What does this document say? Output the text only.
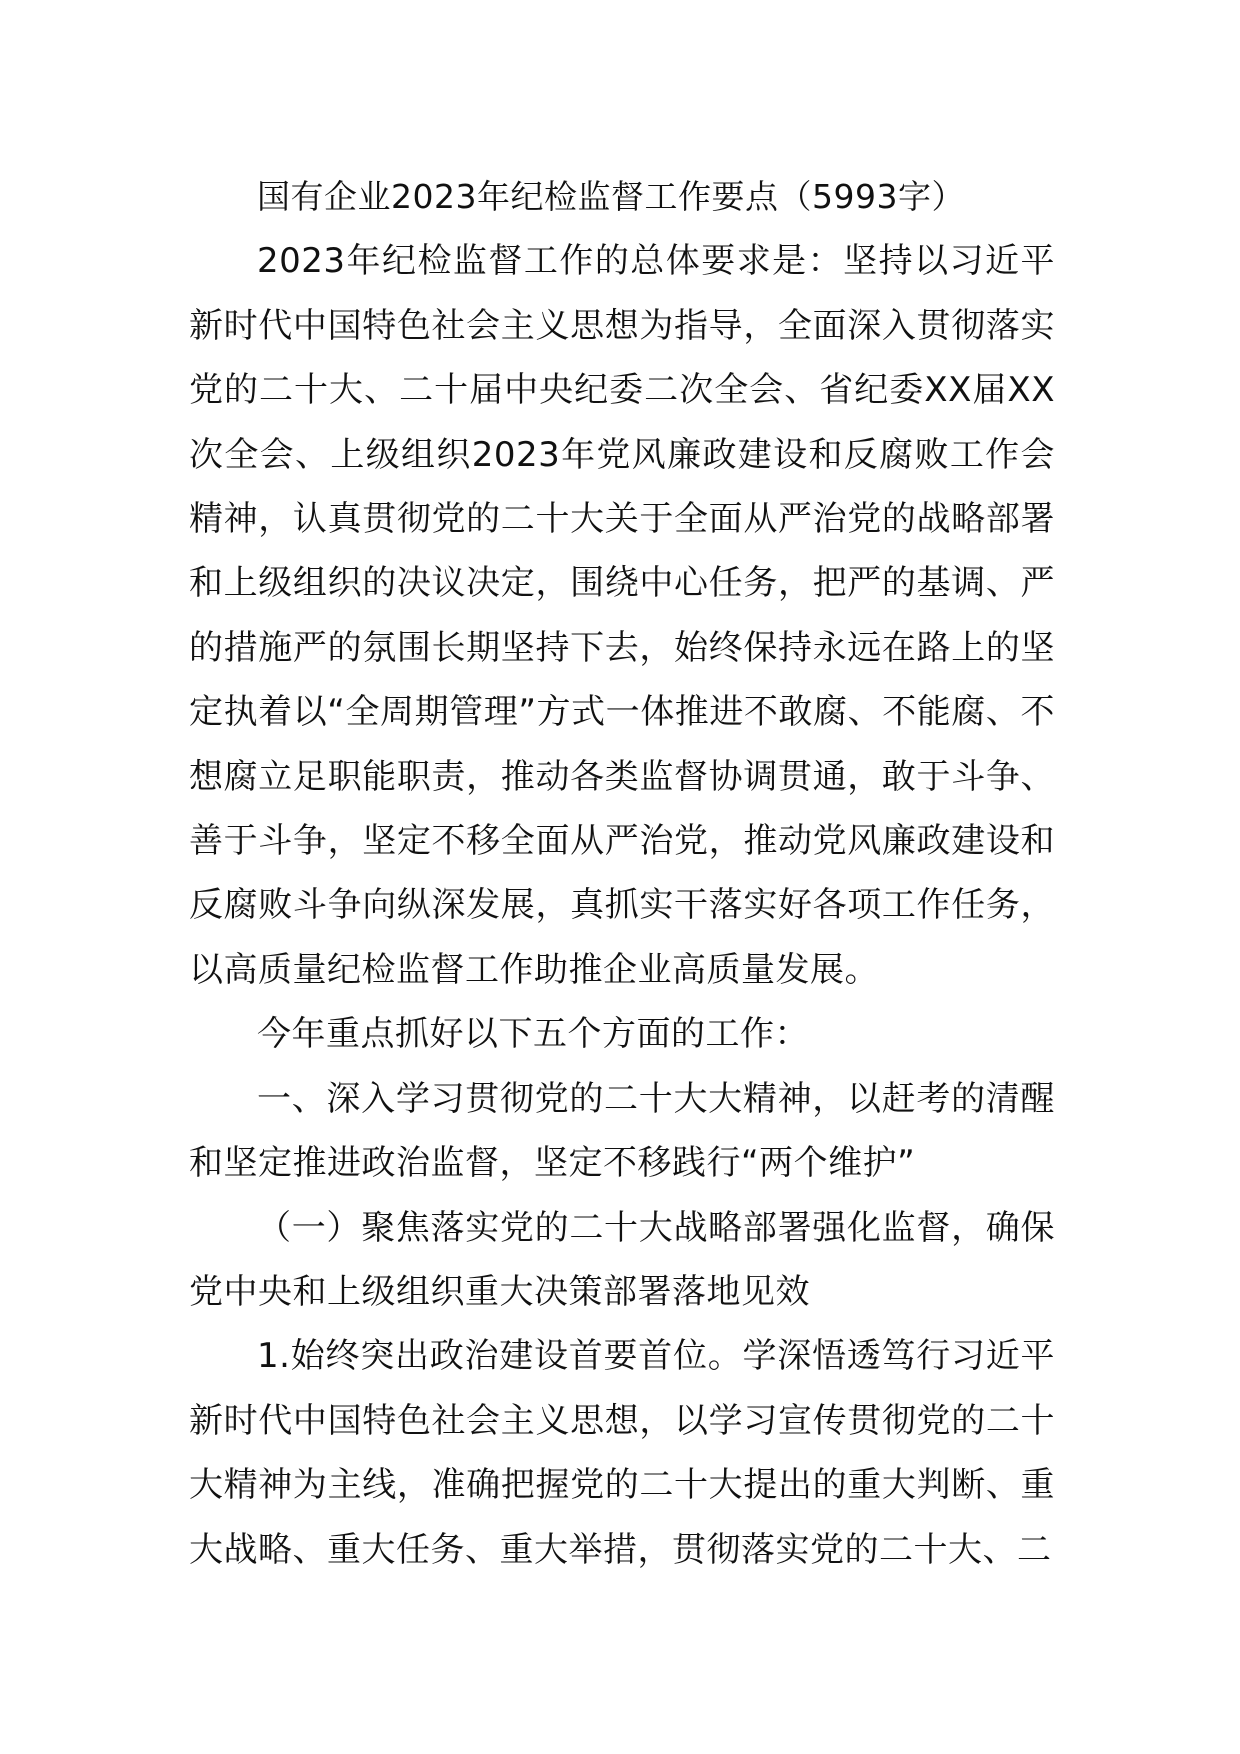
国有企业2023年纪检监督工作要点（5993字）

2023年纪检监督工作的总体要求是：坚持以习近平新时代中国特色社会主义思想为指导，全面深入贯彻落实党的二十大、二十届中央纪委二次全会、省纪委XX届XX次全会、上级组织2023年党风廉政建设和反腐败工作会精神，认真贯彻党的二十大关于全面从严治党的战略部署和上级组织的决议决定，围绕中心任务，把严的基调、严的措施严的氛围长期坚持下去，始终保持永远在路上的坚定执着以“全周期管理”方式一体推进不敢腐、不能腐、不想腐立足职能职责，推动各类监督协调贯通，敢于斗争、善于斗争，坚定不移全面从严治党，推动党风廉政建设和反腐败斗争向纵深发展，真抓实干落实好各项工作任务，以高质量纪检监督工作助推企业高质量发展。

今年重点抓好以下五个方面的工作：

一、深入学习贯彻党的二十大大精神，以赶考的清醒和坚定推进政治监督，坚定不移践行“两个维护”

（一）聚焦落实党的二十大战略部署强化监督，确保党中央和上级组织重大决策部署落地见效

1.始终突出政治建设首要首位。学深悟透笃行习近平新时代中国特色社会主义思想，以学习宣传贯彻党的二十大精神为主线，准确把握党的二十大提出的重大判断、重大战略、重大任务、重大举措，贯彻落实党的二十大、二
